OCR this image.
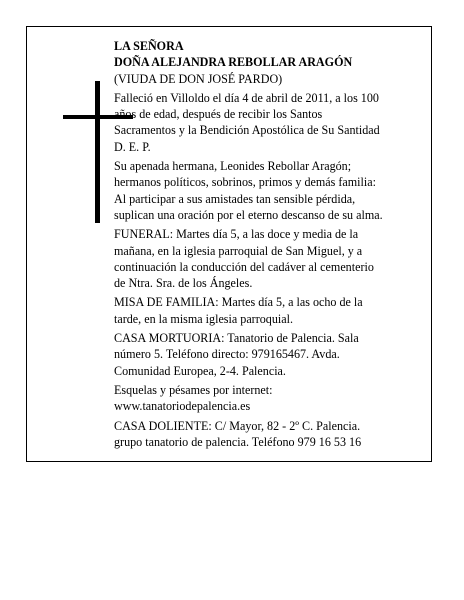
LA SEÑORA
DOÑA ALEJANDRA REBOLLAR ARAGÓN
(VIUDA DE DON JOSÉ PARDO)
Falleció en Villoldo el día 4 de abril de 2011, a los 100
años de edad, después de recibir los Santos
Sacramentos y la Bendición Apostólica de Su Santidad
D. E. P.
Su apenada hermana, Leonides Rebollar Aragón;
hermanos políticos, sobrinos, primos y demás familia:
Al participar a sus amistades tan sensible pérdida,
suplican una oración por el eterno descanso de su alma.
FUNERAL: Martes día 5, a las doce y media de la
mañana, en la iglesia parroquial de San Miguel, y a
continuación la conducción del cadáver al cementerio
de Ntra. Sra. de los Ángeles.
MISA DE FAMILIA: Martes día 5, a las ocho de la
tarde, en la misma iglesia parroquial.
CASA MORTUORIA: Tanatorio de Palencia. Sala
número 5. Teléfono directo: 979165467. Avda.
Comunidad Europea, 2-4. Palencia.
Esquelas y pésames por internet:
www.tanatoriodepalencia.es
CASA DOLIENTE: C/ Mayor, 82 - 2º C. Palencia.
grupo tanatorio de palencia. Teléfono 979 16 53 16
